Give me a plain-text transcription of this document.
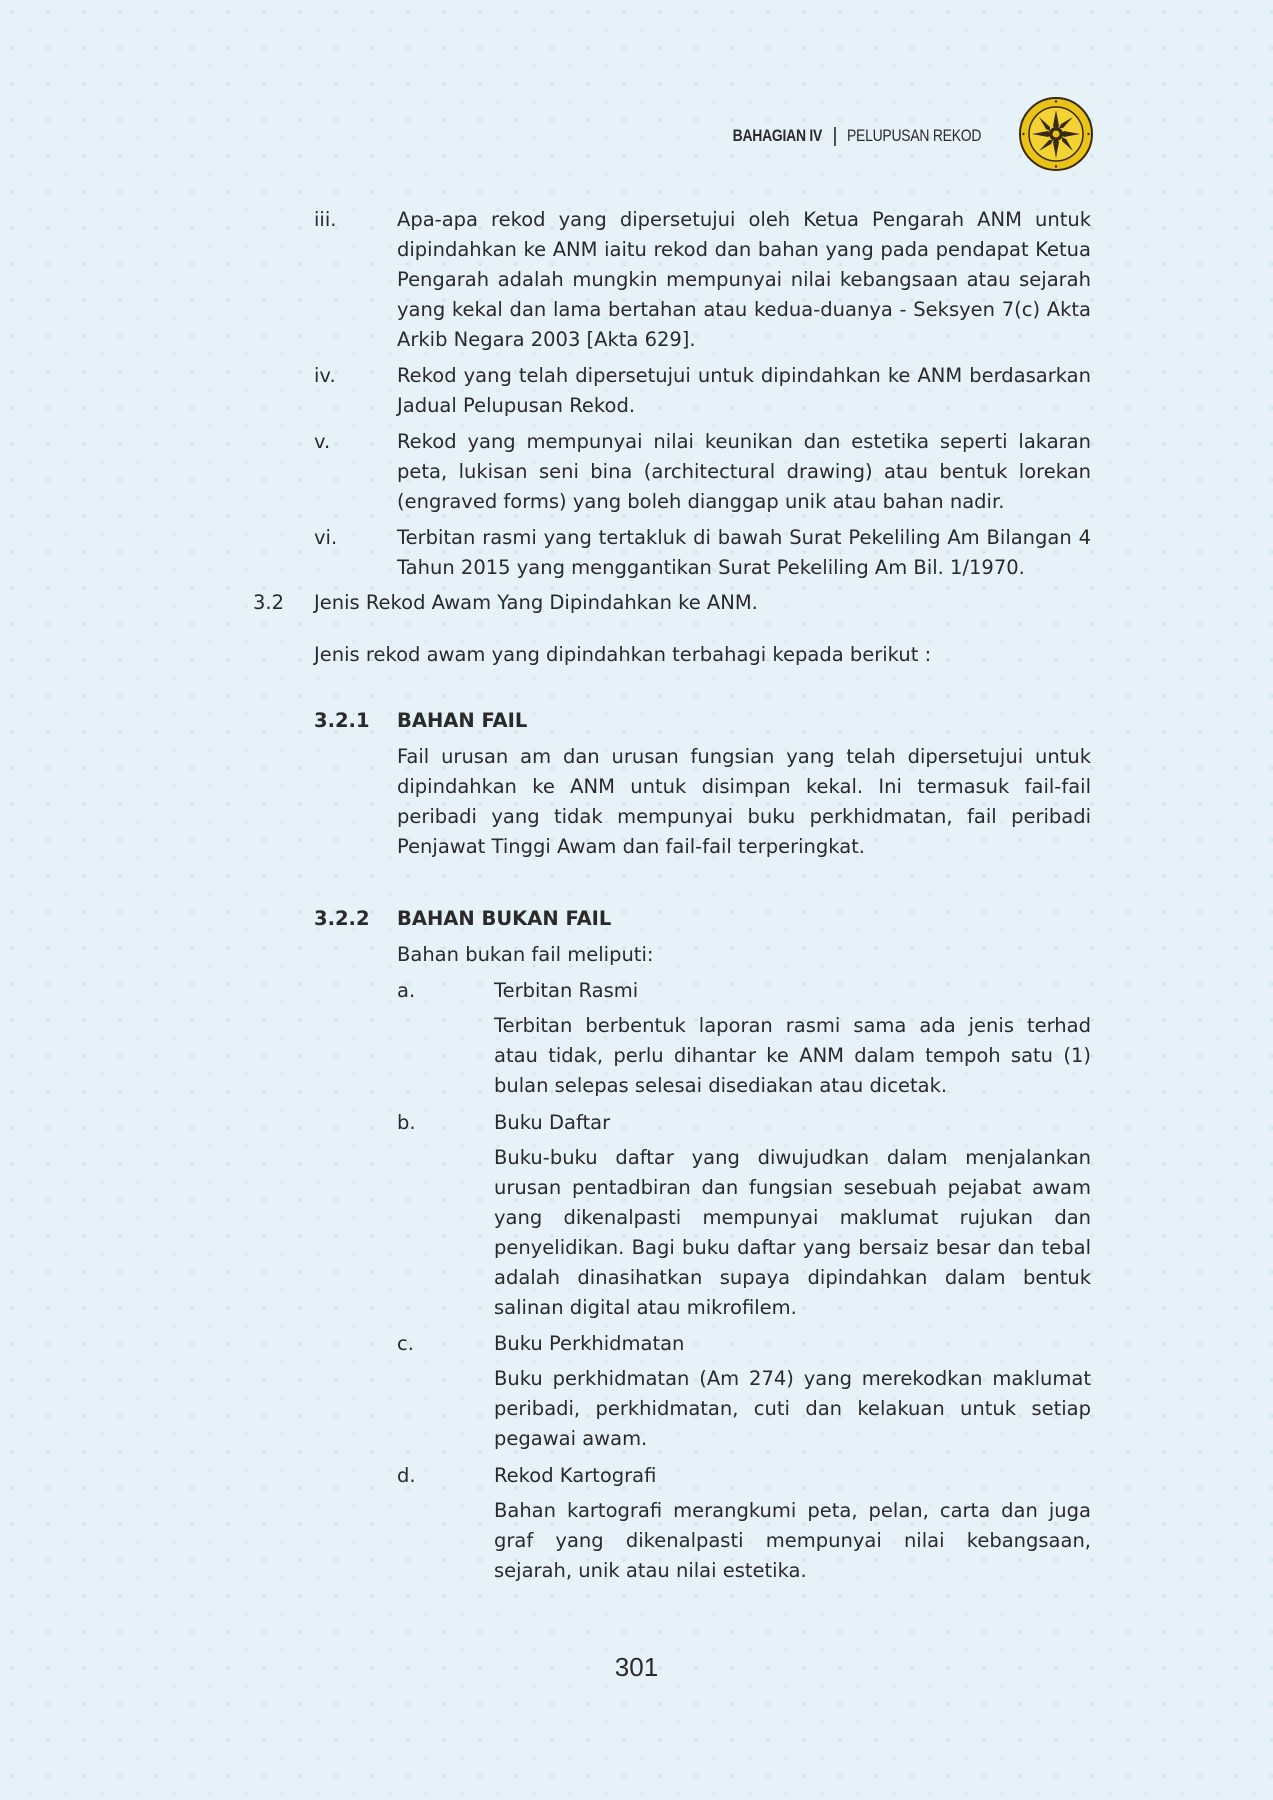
BAHAGIAN IV | PELUPUSAN REKOD
iii.	Apa-apa rekod yang dipersetujui oleh Ketua Pengarah ANM untuk dipindahkan ke ANM iaitu rekod dan bahan yang pada pendapat Ketua Pengarah adalah mungkin mempunyai nilai kebangsaan atau sejarah yang kekal dan lama bertahan atau kedua-duanya - Seksyen 7(c) Akta Arkib Negara 2003 [Akta 629].
iv.	Rekod yang telah dipersetujui untuk dipindahkan ke ANM berdasarkan Jadual Pelupusan Rekod.
v.	Rekod yang mempunyai nilai keunikan dan estetika seperti lakaran peta, lukisan seni bina (architectural drawing) atau bentuk lorekan (engraved forms) yang boleh dianggap unik atau bahan nadir.
vi.	Terbitan rasmi yang tertakluk di bawah Surat Pekeliling Am Bilangan 4 Tahun 2015 yang menggantikan Surat Pekeliling Am Bil. 1/1970.
3.2 Jenis Rekod Awam Yang Dipindahkan ke ANM.
Jenis rekod awam yang dipindahkan terbahagi kepada berikut :
3.2.1 BAHAN FAIL
Fail urusan am dan urusan fungsian yang telah dipersetujui untuk dipindahkan ke ANM untuk disimpan kekal. Ini termasuk fail-fail peribadi yang tidak mempunyai buku perkhidmatan, fail peribadi Penjawat Tinggi Awam dan fail-fail terperingkat.
3.2.2 BAHAN BUKAN FAIL
Bahan bukan fail meliputi:
a.	Terbitan Rasmi
Terbitan berbentuk laporan rasmi sama ada jenis terhad atau tidak, perlu dihantar ke ANM dalam tempoh satu (1) bulan selepas selesai disediakan atau dicetak.
b.	Buku Daftar
Buku-buku daftar yang diwujudkan dalam menjalankan urusan pentadbiran dan fungsian sesebuah pejabat awam yang dikenalpasti mempunyai maklumat rujukan dan penyelidikan. Bagi buku daftar yang bersaiz besar dan tebal adalah dinasihatkan supaya dipindahkan dalam bentuk salinan digital atau mikrofilem.
c.	Buku Perkhidmatan
Buku perkhidmatan (Am 274) yang merekodkan maklumat peribadi, perkhidmatan, cuti dan kelakuan untuk setiap pegawai awam.
d.	Rekod Kartografi
Bahan kartografi merangkumi peta, pelan, carta dan juga graf yang dikenalpasti mempunyai nilai kebangsaan, sejarah, unik atau nilai estetika.
301
